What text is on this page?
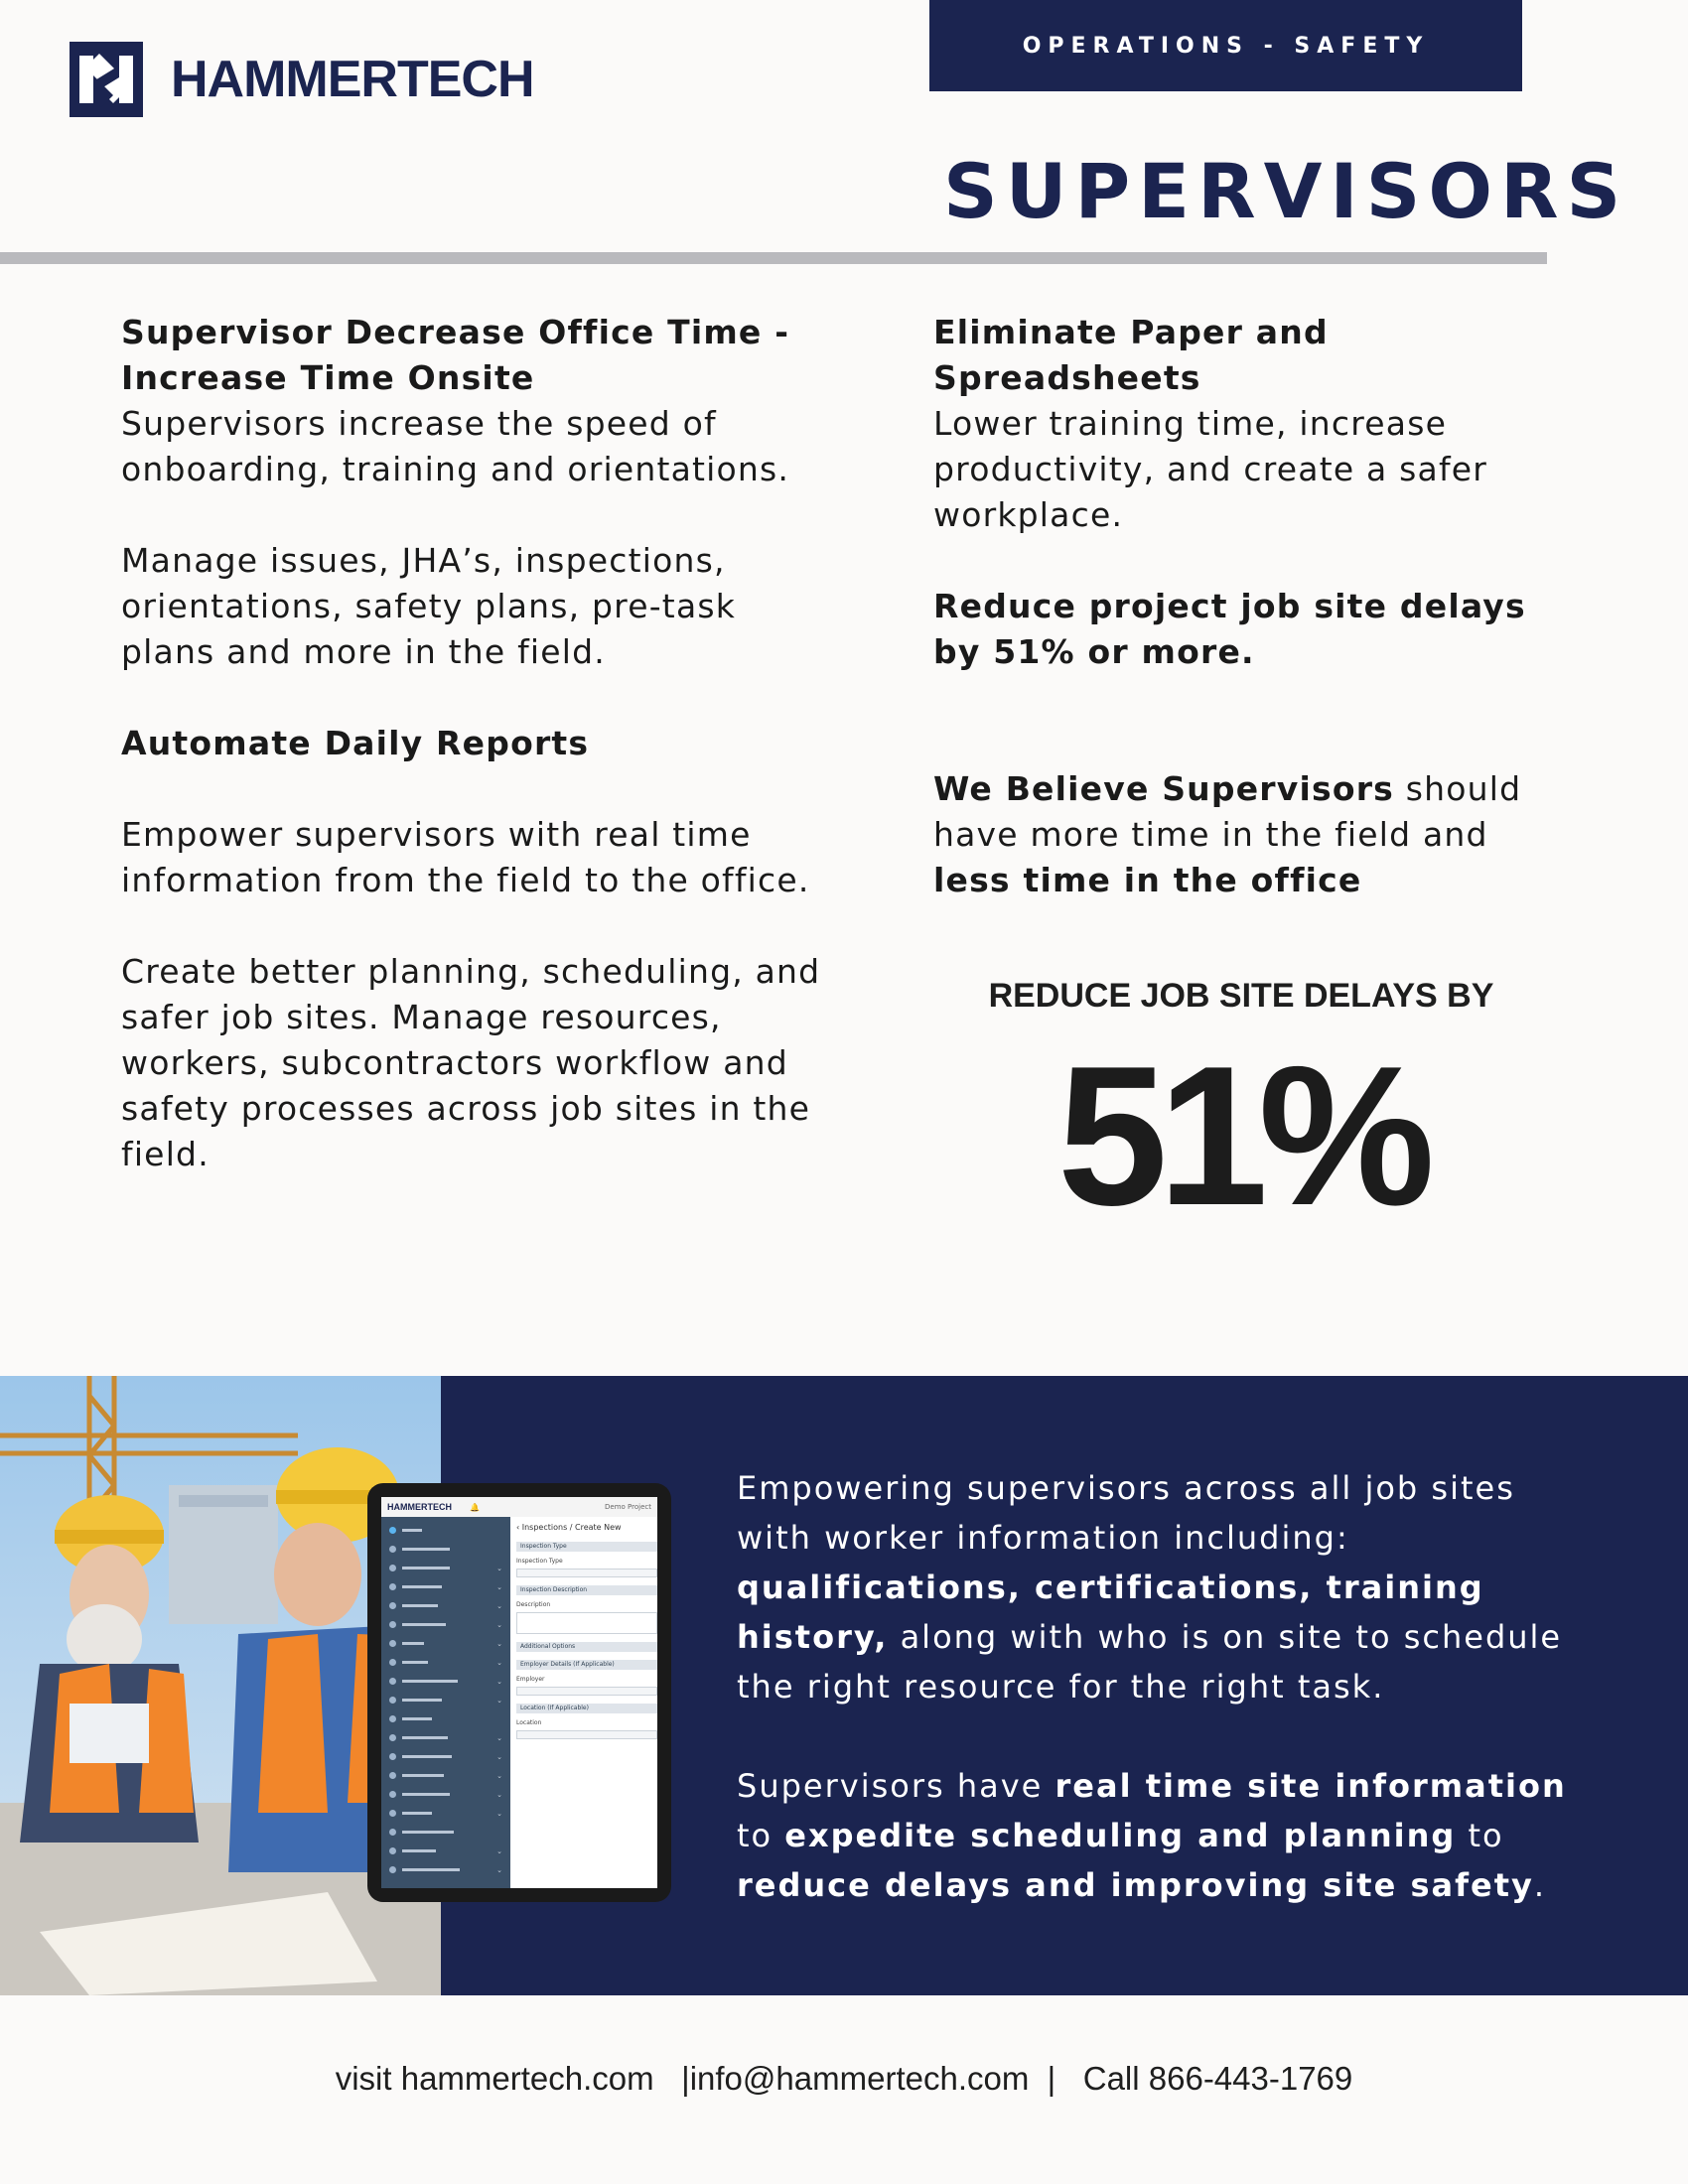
HAMMERTECH
OPERATIONS - SAFETY
SUPERVISORS

Supervisor Decrease Office Time - Increase Time Onsite

Supervisors increase the speed of onboarding, training and orientations.

Manage issues, JHA’s, inspections, orientations, safety plans, pre-task plans and more in the field.

Automate Daily Reports

Empower supervisors with real time information from the field to the office.

Create better planning, scheduling, and safer job sites. Manage resources, workers, subcontractors workflow and safety processes across job sites in the field.

Eliminate Paper and Spreadsheets

Lower training time, increase productivity, and create a safer workplace.

Reduce project job site delays by 51% or more.

We Believe Supervisors should have more time in the field and less time in the office

REDUCE JOB SITE DELAYS BY
51%
HAMMERTECH 🔔	Demo Project
⌄
⌄
⌄
⌄
⌄
⌄
⌄
⌄
⌄
⌄
⌄
⌄
⌄
⌄
⌄
‹ Inspections / Create New
Inspection Type
Inspection Type
Inspection Description
Description
Additional Options
Employer Details (If Applicable)
Employer
Location (If Applicable)
Location

Empowering supervisors across all job sites with worker information including: qualifications, certifications, training history, along with who is on site to schedule the right resource for the right task.

Supervisors have real time site information to expedite scheduling and planning to reduce delays and improving site safety.

visit hammertech.com   |info@hammertech.com  |   Call 866-443-1769
